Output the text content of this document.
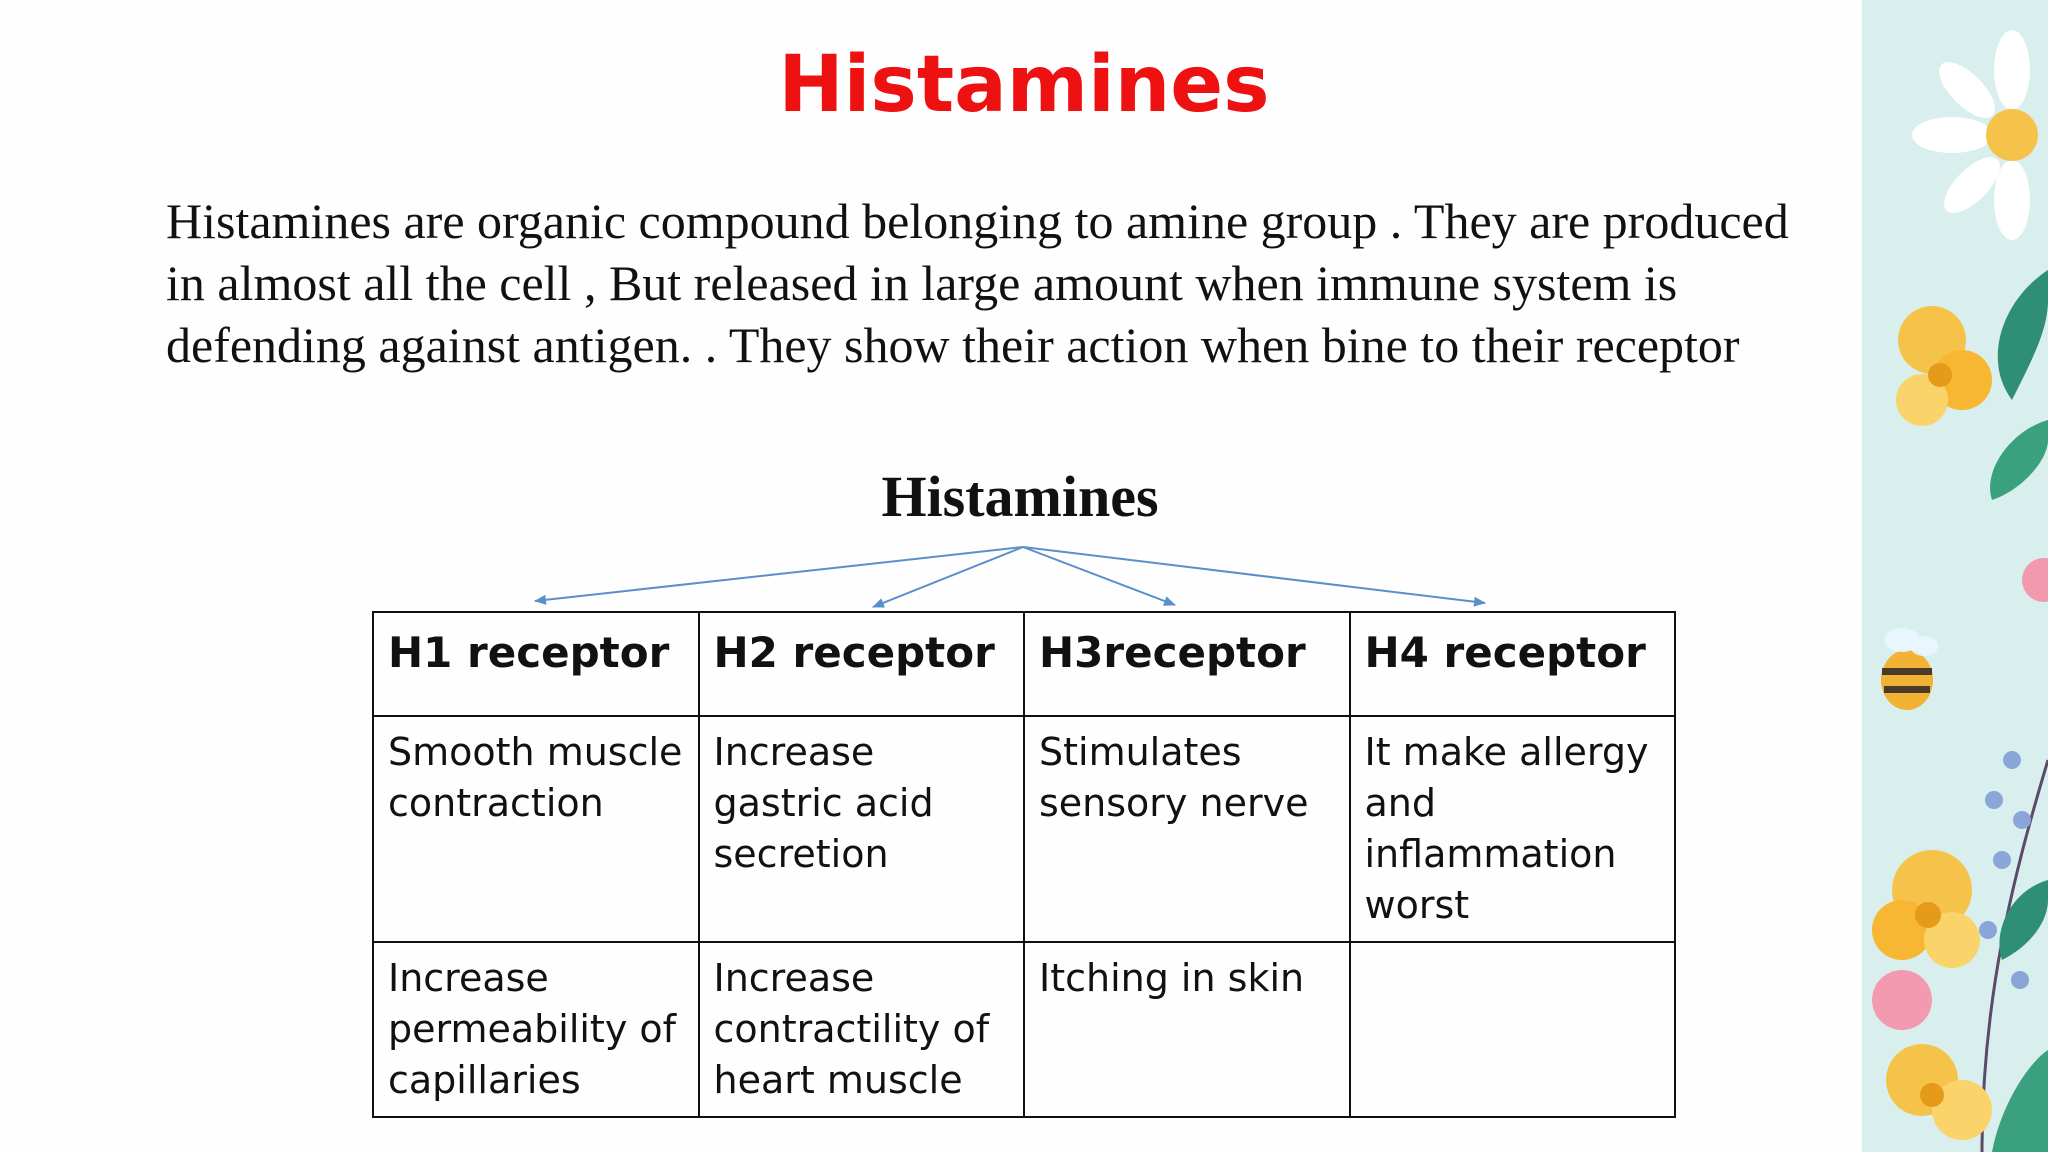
Histamines

Histamines are organic compound belonging to amine group . They are produced

in almost all the cell , But released in large amount when immune system is

defending against antigen. . They show their action when bine to their receptor

Histamines
H1 receptor	H2 receptor	H3receptor	H4 receptor
Smooth muscle contraction	Increase gastric acid secretion	Stimulates sensory nerve	It make allergy and inflammation worst
Increase permeability of capillaries	Increase contractility of heart muscle	Itching in skin	
